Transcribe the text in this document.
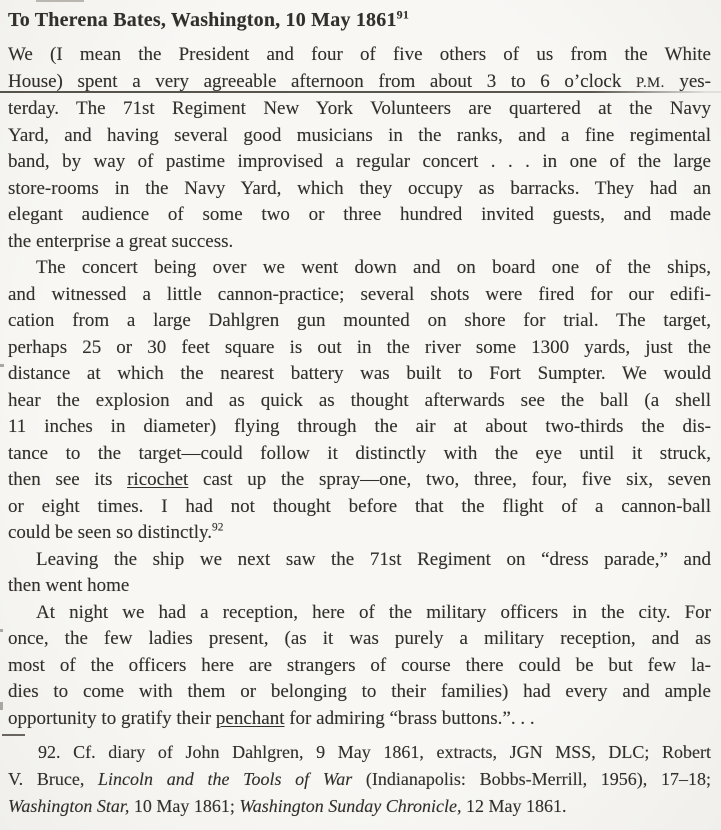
To Therena Bates, Washington, 10 May 1861$^{91}$
We (I mean the President and four of five others of us from the White
House) spent a very agreeable afternoon from about 3 to 6 o’clock P.M. yes-
terday. The 71st Regiment New York Volunteers are quartered at the Navy
Yard, and having several good musicians in the ranks, and a fine regimental
band, by way of pastime improvised a regular concert . . . in one of the large
store-rooms in the Navy Yard, which they occupy as barracks. They had an
elegant audience of some two or three hundred invited guests, and made
the enterprise a great success.
The concert being over we went down and on board one of the ships,
and witnessed a little cannon-practice; several shots were fired for our edifi-
cation from a large Dahlgren gun mounted on shore for trial. The target,
perhaps 25 or 30 feet square is out in the river some 1300 yards, just the
distance at which the nearest battery was built to Fort Sumpter. We would
hear the explosion and as quick as thought afterwards see the ball (a shell
11 inches in diameter) flying through the air at about two-thirds the dis-
tance to the target—could follow it distinctly with the eye until it struck,
then see its ricochet cast up the spray—one, two, three, four, five six, seven
or eight times. I had not thought before that the flight of a cannon-ball
could be seen so distinctly.$^{92}$
Leaving the ship we next saw the 71st Regiment on “dress parade,” and
then went home
At night we had a reception, here of the military officers in the city. For
once, the few ladies present, (as it was purely a military reception, and as
most of the officers here are strangers of course there could be but few la-
dies to come with them or belonging to their families) had every and ample
opportunity to gratify their penchant for admiring “brass buttons.”. . .
92. Cf. diary of John Dahlgren, 9 May 1861, extracts, JGN MSS, DLC; Robert
V. Bruce, Lincoln and the Tools of War (Indianapolis: Bobbs-Merrill, 1956), 17–18;
Washington Star, 10 May 1861; Washington Sunday Chronicle, 12 May 1861.
